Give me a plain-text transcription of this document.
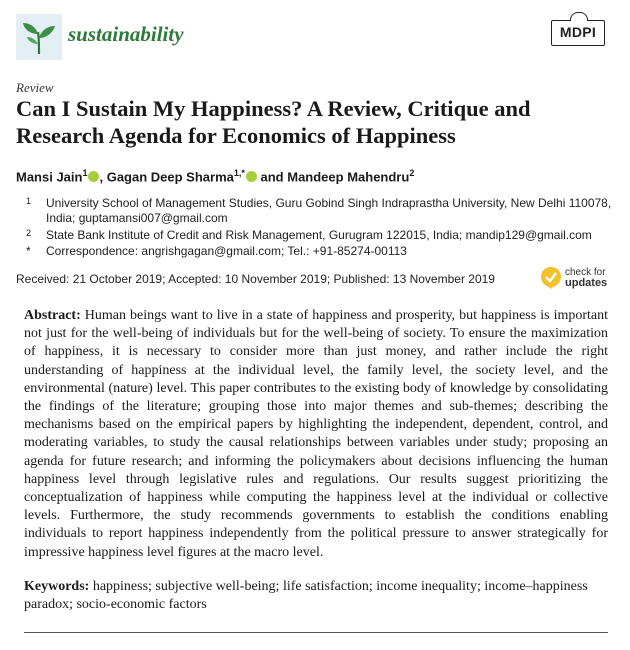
sustainability	MDPI
Review
Can I Sustain My Happiness? A Review, Critique and Research Agenda for Economics of Happiness
Mansi Jain$^1$ , Gagan Deep Sharma$^{1,*}$ and Mandeep Mahendru$^2$
1 University School of Management Studies, Guru Gobind Singh Indraprastha University, New Delhi 110078, India; guptamansi007@gmail.com
2 State Bank Institute of Credit and Risk Management, Gurugram 122015, India; mandip129@gmail.com
* Correspondence: angrishgagan@gmail.com; Tel.: +91-85274-00113
Received: 21 October 2019; Accepted: 10 November 2019; Published: 13 November 2019	check for
updates
Abstract: Human beings want to live in a state of happiness and prosperity, but happiness is important not just for the well-being of individuals but for the well-being of society. To ensure the maximization of happiness, it is necessary to consider more than just money, and rather include the right understanding of happiness at the individual level, the family level, the society level, and the environmental (nature) level. This paper contributes to the existing body of knowledge by consolidating the findings of the literature; grouping those into major themes and sub-themes; describing the mechanisms based on the empirical papers by highlighting the independent, dependent, control, and moderating variables, to study the causal relationships between variables under study; proposing an agenda for future research; and informing the policymakers about decisions influencing the human happiness level through legislative rules and regulations. Our results suggest prioritizing the conceptualization of happiness while computing the happiness level at the individual or collective levels. Furthermore, the study recommends governments to establish the conditions enabling individuals to report happiness independently from the political pressure to answer strategically for impressive happiness level figures at the macro level.
Keywords: happiness; subjective well-being; life satisfaction; income inequality; income–happiness paradox; socio-economic factors
